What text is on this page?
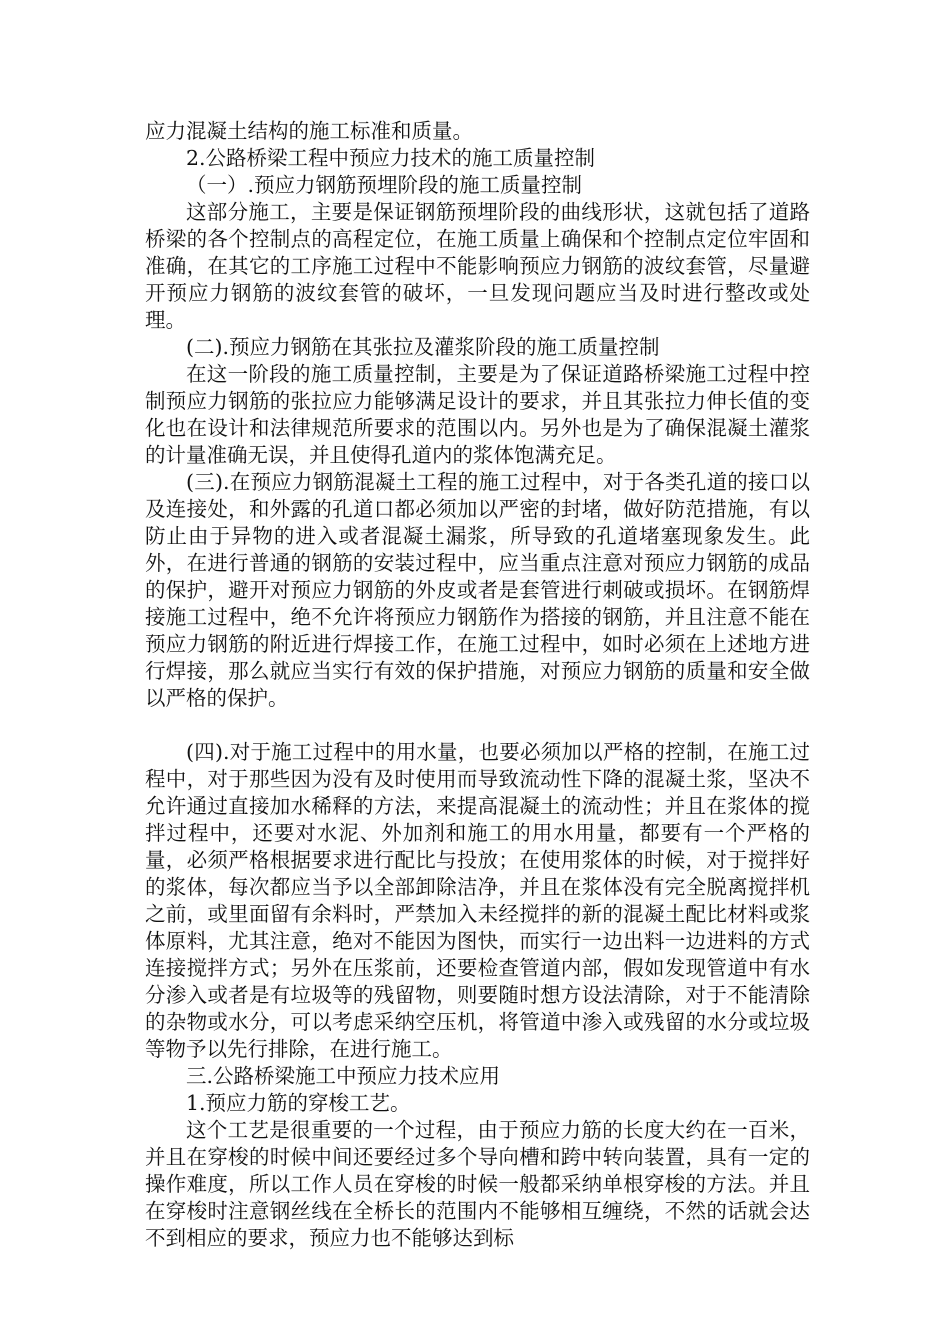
应力混凝土结构的施工标准和质量。

2.公路桥梁工程中预应力技术的施工质量控制

（一）.预应力钢筋预埋阶段的施工质量控制

这部分施工，主要是保证钢筋预埋阶段的曲线形状，这就包括了道路桥梁的各个控制点的高程定位，在施工质量上确保和个控制点定位牢固和准确，在其它的工序施工过程中不能影响预应力钢筋的波纹套管，尽量避开预应力钢筋的波纹套管的破坏，一旦发现问题应当及时进行整改或处理。

(二).预应力钢筋在其张拉及灌浆阶段的施工质量控制

在这一阶段的施工质量控制，主要是为了保证道路桥梁施工过程中控制预应力钢筋的张拉应力能够满足设计的要求，并且其张拉力伸长值的变化也在设计和法律规范所要求的范围以内。另外也是为了确保混凝土灌浆的计量准确无误，并且使得孔道内的浆体饱满充足。

(三).在预应力钢筋混凝土工程的施工过程中，对于各类孔道的接口以及连接处，和外露的孔道口都必须加以严密的封堵，做好防范措施，有以防止由于异物的进入或者混凝土漏浆，所导致的孔道堵塞现象发生。此外，在进行普通的钢筋的安装过程中，应当重点注意对预应力钢筋的成品的保护，避开对预应力钢筋的外皮或者是套管进行刺破或损坏。在钢筋焊接施工过程中，绝不允许将预应力钢筋作为搭接的钢筋，并且注意不能在预应力钢筋的附近进行焊接工作，在施工过程中，如时必须在上述地方进行焊接，那么就应当实行有效的保护措施，对预应力钢筋的质量和安全做以严格的保护。

(四).对于施工过程中的用水量，也要必须加以严格的控制，在施工过程中，对于那些因为没有及时使用而导致流动性下降的混凝土浆，坚决不允许通过直接加水稀释的方法，来提高混凝土的流动性；并且在浆体的搅拌过程中，还要对水泥、外加剂和施工的用水用量，都要有一个严格的量，必须严格根据要求进行配比与投放；在使用浆体的时候，对于搅拌好的浆体，每次都应当予以全部卸除洁净，并且在浆体没有完全脱离搅拌机之前，或里面留有余料时，严禁加入未经搅拌的新的混凝土配比材料或浆体原料，尤其注意，绝对不能因为图快，而实行一边出料一边进料的方式连接搅拌方式；另外在压浆前，还要检查管道内部，假如发现管道中有水分渗入或者是有垃圾等的残留物，则要随时想方设法清除，对于不能清除的杂物或水分，可以考虑采纳空压机，将管道中渗入或残留的水分或垃圾等物予以先行排除，在进行施工。

三.公路桥梁施工中预应力技术应用

1.预应力筋的穿梭工艺。

这个工艺是很重要的一个过程，由于预应力筋的长度大约在一百米，并且在穿梭的时候中间还要经过多个导向槽和跨中转向装置，具有一定的操作难度，所以工作人员在穿梭的时候一般都采纳单根穿梭的方法。并且在穿梭时注意钢丝线在全桥长的范围内不能够相互缠绕，不然的话就会达不到相应的要求，预应力也不能够达到标
